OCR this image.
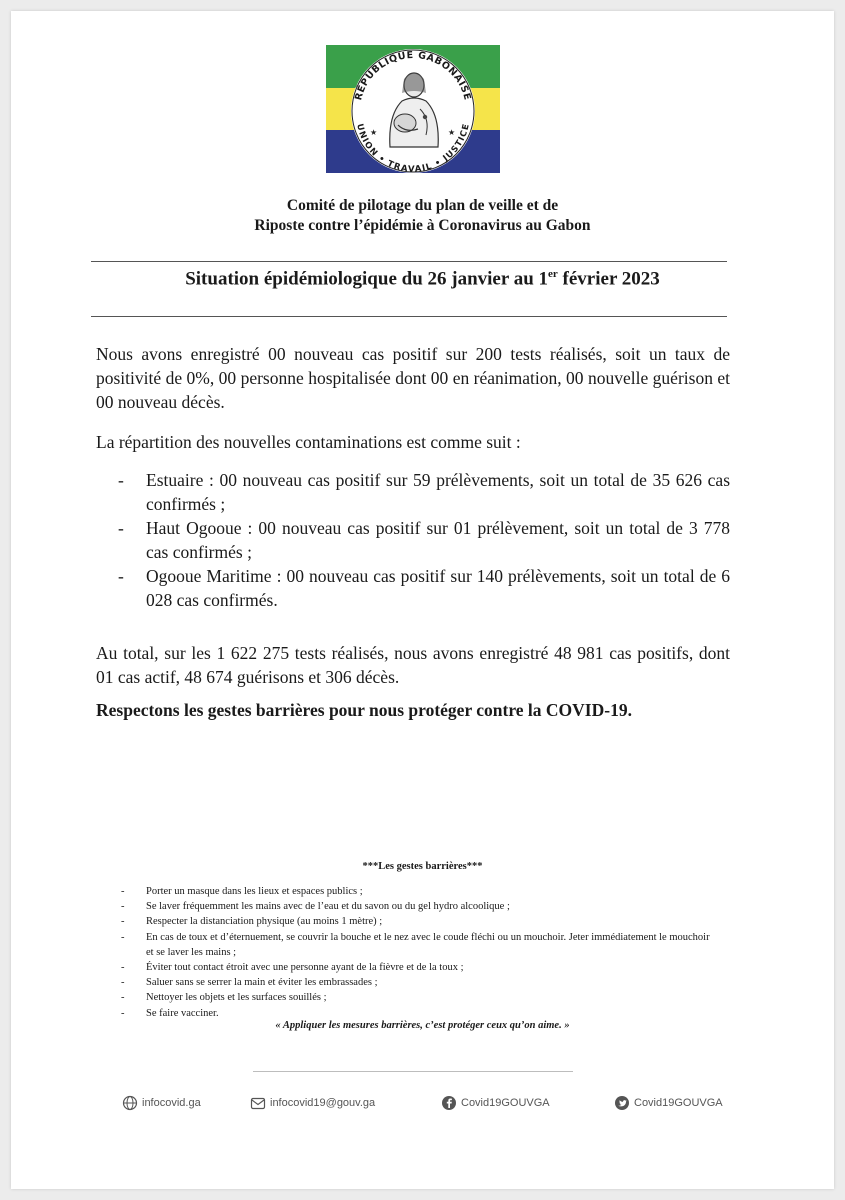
RÉPUBLIQUE GABONAISE
UNION • TRAVAIL • JUSTICE
★	★
Comité de pilotage du plan de veille et de
Riposte contre l’épidémie à Coronavirus au Gabon
Situation épidémiologique du 26 janvier au 1er février 2023
Nous avons enregistré 00 nouveau cas positif sur 200 tests réalisés, soit un taux de positivité de 0%, 00 personne hospitalisée dont 00 en réanimation, 00 nouvelle guérison et 00 nouveau décès.
La répartition des nouvelles contaminations est comme suit :
- Estuaire : 00 nouveau cas positif sur 59 prélèvements, soit un total de 35 626 cas confirmés ;
- Haut Ogooue : 00 nouveau cas positif sur 01 prélèvement, soit un total de 3 778 cas confirmés ;
- Ogooue Maritime : 00 nouveau cas positif sur 140 prélèvements, soit un total de 6 028 cas confirmés.
Au total, sur les 1 622 275 tests réalisés, nous avons enregistré 48 981 cas positifs, dont 01 cas actif, 48 674 guérisons et 306 décès.
Respectons les gestes barrières pour nous protéger contre la COVID-19.
***Les gestes barrières***
- Porter un masque dans les lieux et espaces publics ;
- Se laver fréquemment les mains avec de l’eau et du savon ou du gel hydro alcoolique ;
- Respecter la distanciation physique (au moins 1 mètre) ;
- En cas de toux et d’éternuement, se couvrir la bouche et le nez avec le coude fléchi ou un mouchoir. Jeter immédiatement le mouchoir et se laver les mains ;
- Éviter tout contact étroit avec une personne ayant de la fièvre et de la toux ;
- Saluer sans se serrer la main et éviter les embrassades ;
- Nettoyer les objets et les surfaces souillés ;
- Se faire vacciner.
« Appliquer les mesures barrières, c’est protéger ceux qu’on aime. »
infocovid.ga	infocovid19@gouv.ga	Covid19GOUVGA	Covid19GOUVGA
